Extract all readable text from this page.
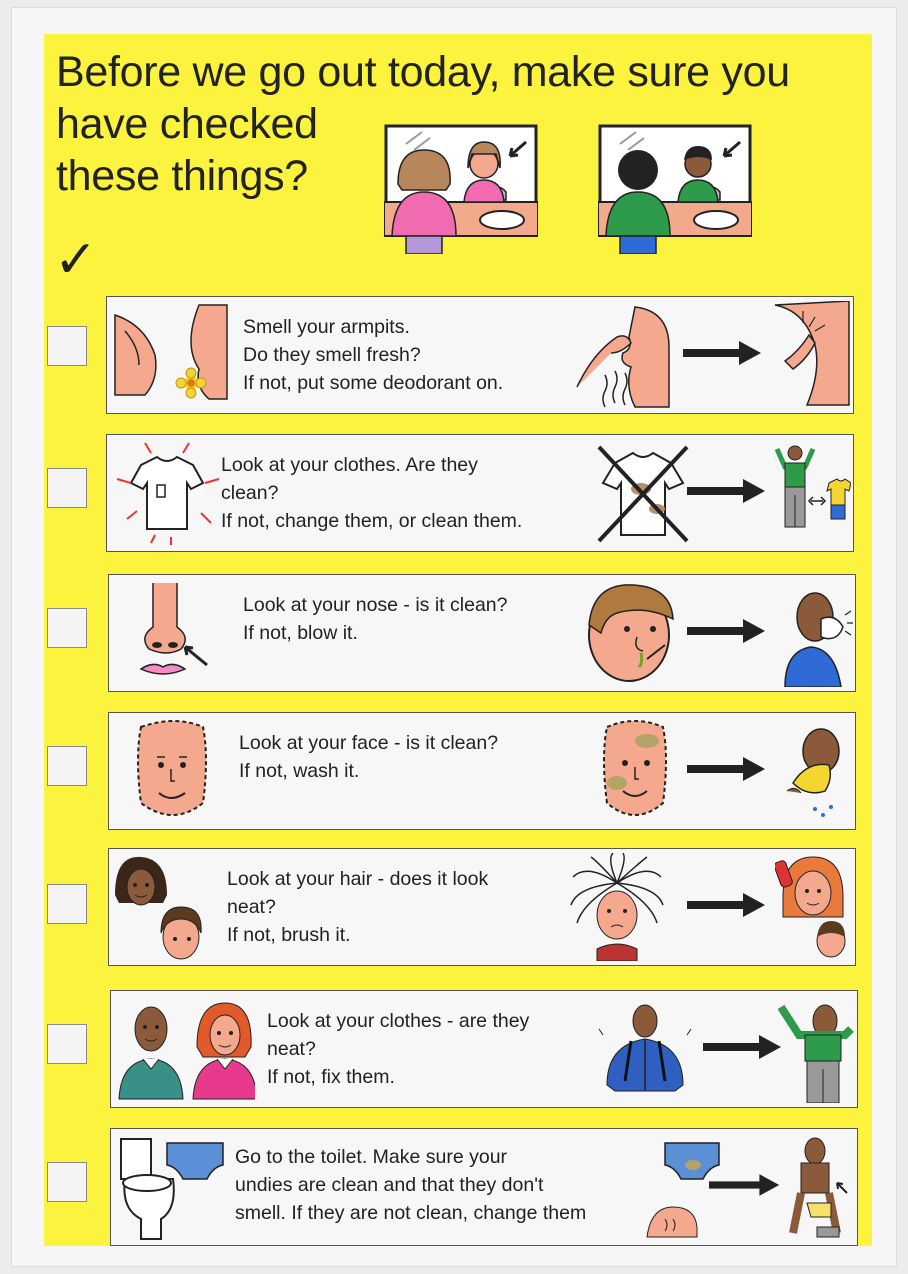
Before we go out today, make sure you
have checked
these things?
✓
Smell your armpits.
Do they smell fresh?
If not, put some deodorant on.
Look at your clothes. Are they
clean?
If not, change them, or clean them.
Look at your nose - is it clean?
If not, blow it.
Look at your face - is it clean?
If not, wash it.
Look at your hair - does it look
neat?
If not, brush it.
Look at your clothes - are they
neat?
If not, fix them.
Go to the toilet. Make sure your
undies are clean and that they don't
smell. If they are not clean, change them
